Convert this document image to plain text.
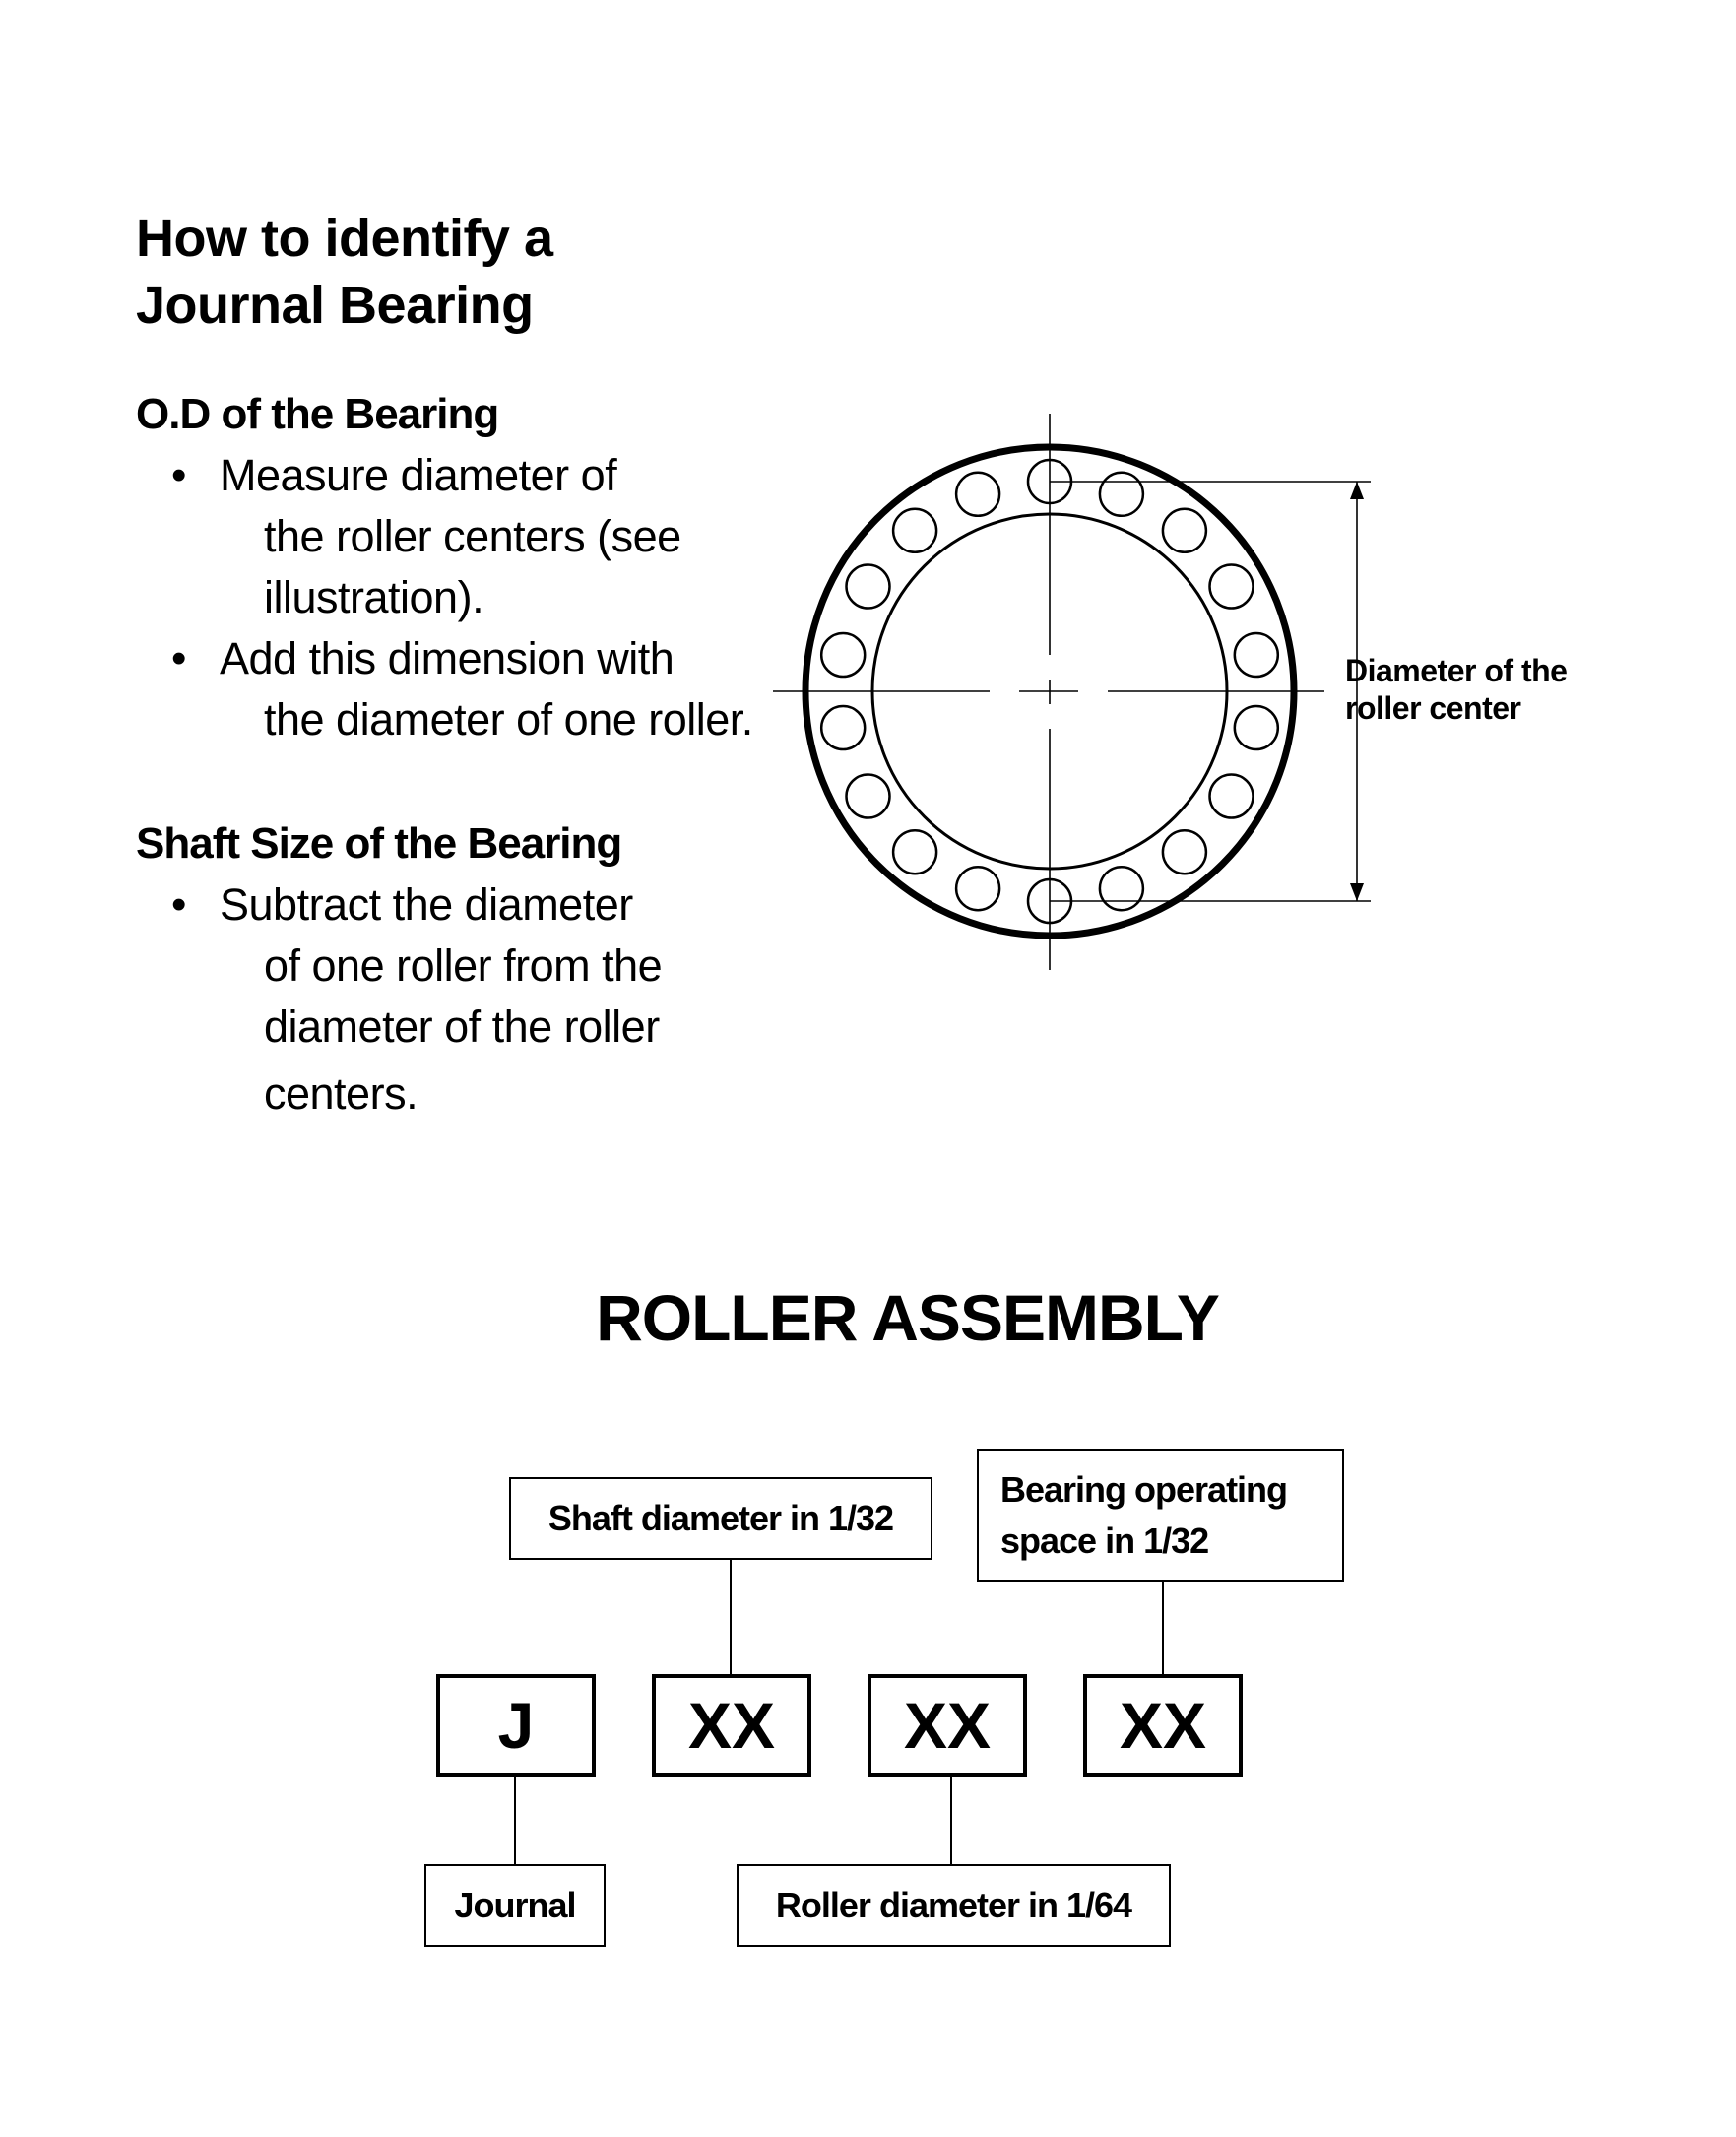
How to identify a
Journal Bearing
O.D of the Bearing
• Measure diameter of
the roller centers (see
illustration).
• Add this dimension with
the diameter of one roller.
Shaft Size of the Bearing
• Subtract the diameter
of one roller from the
diameter of the roller
centers.
Diameter of the
roller center
ROLLER ASSEMBLY
Shaft diameter in 1/32
Bearing operating
space in 1/32
J	XX	XX	XX
Journal	Roller diameter in 1/64
